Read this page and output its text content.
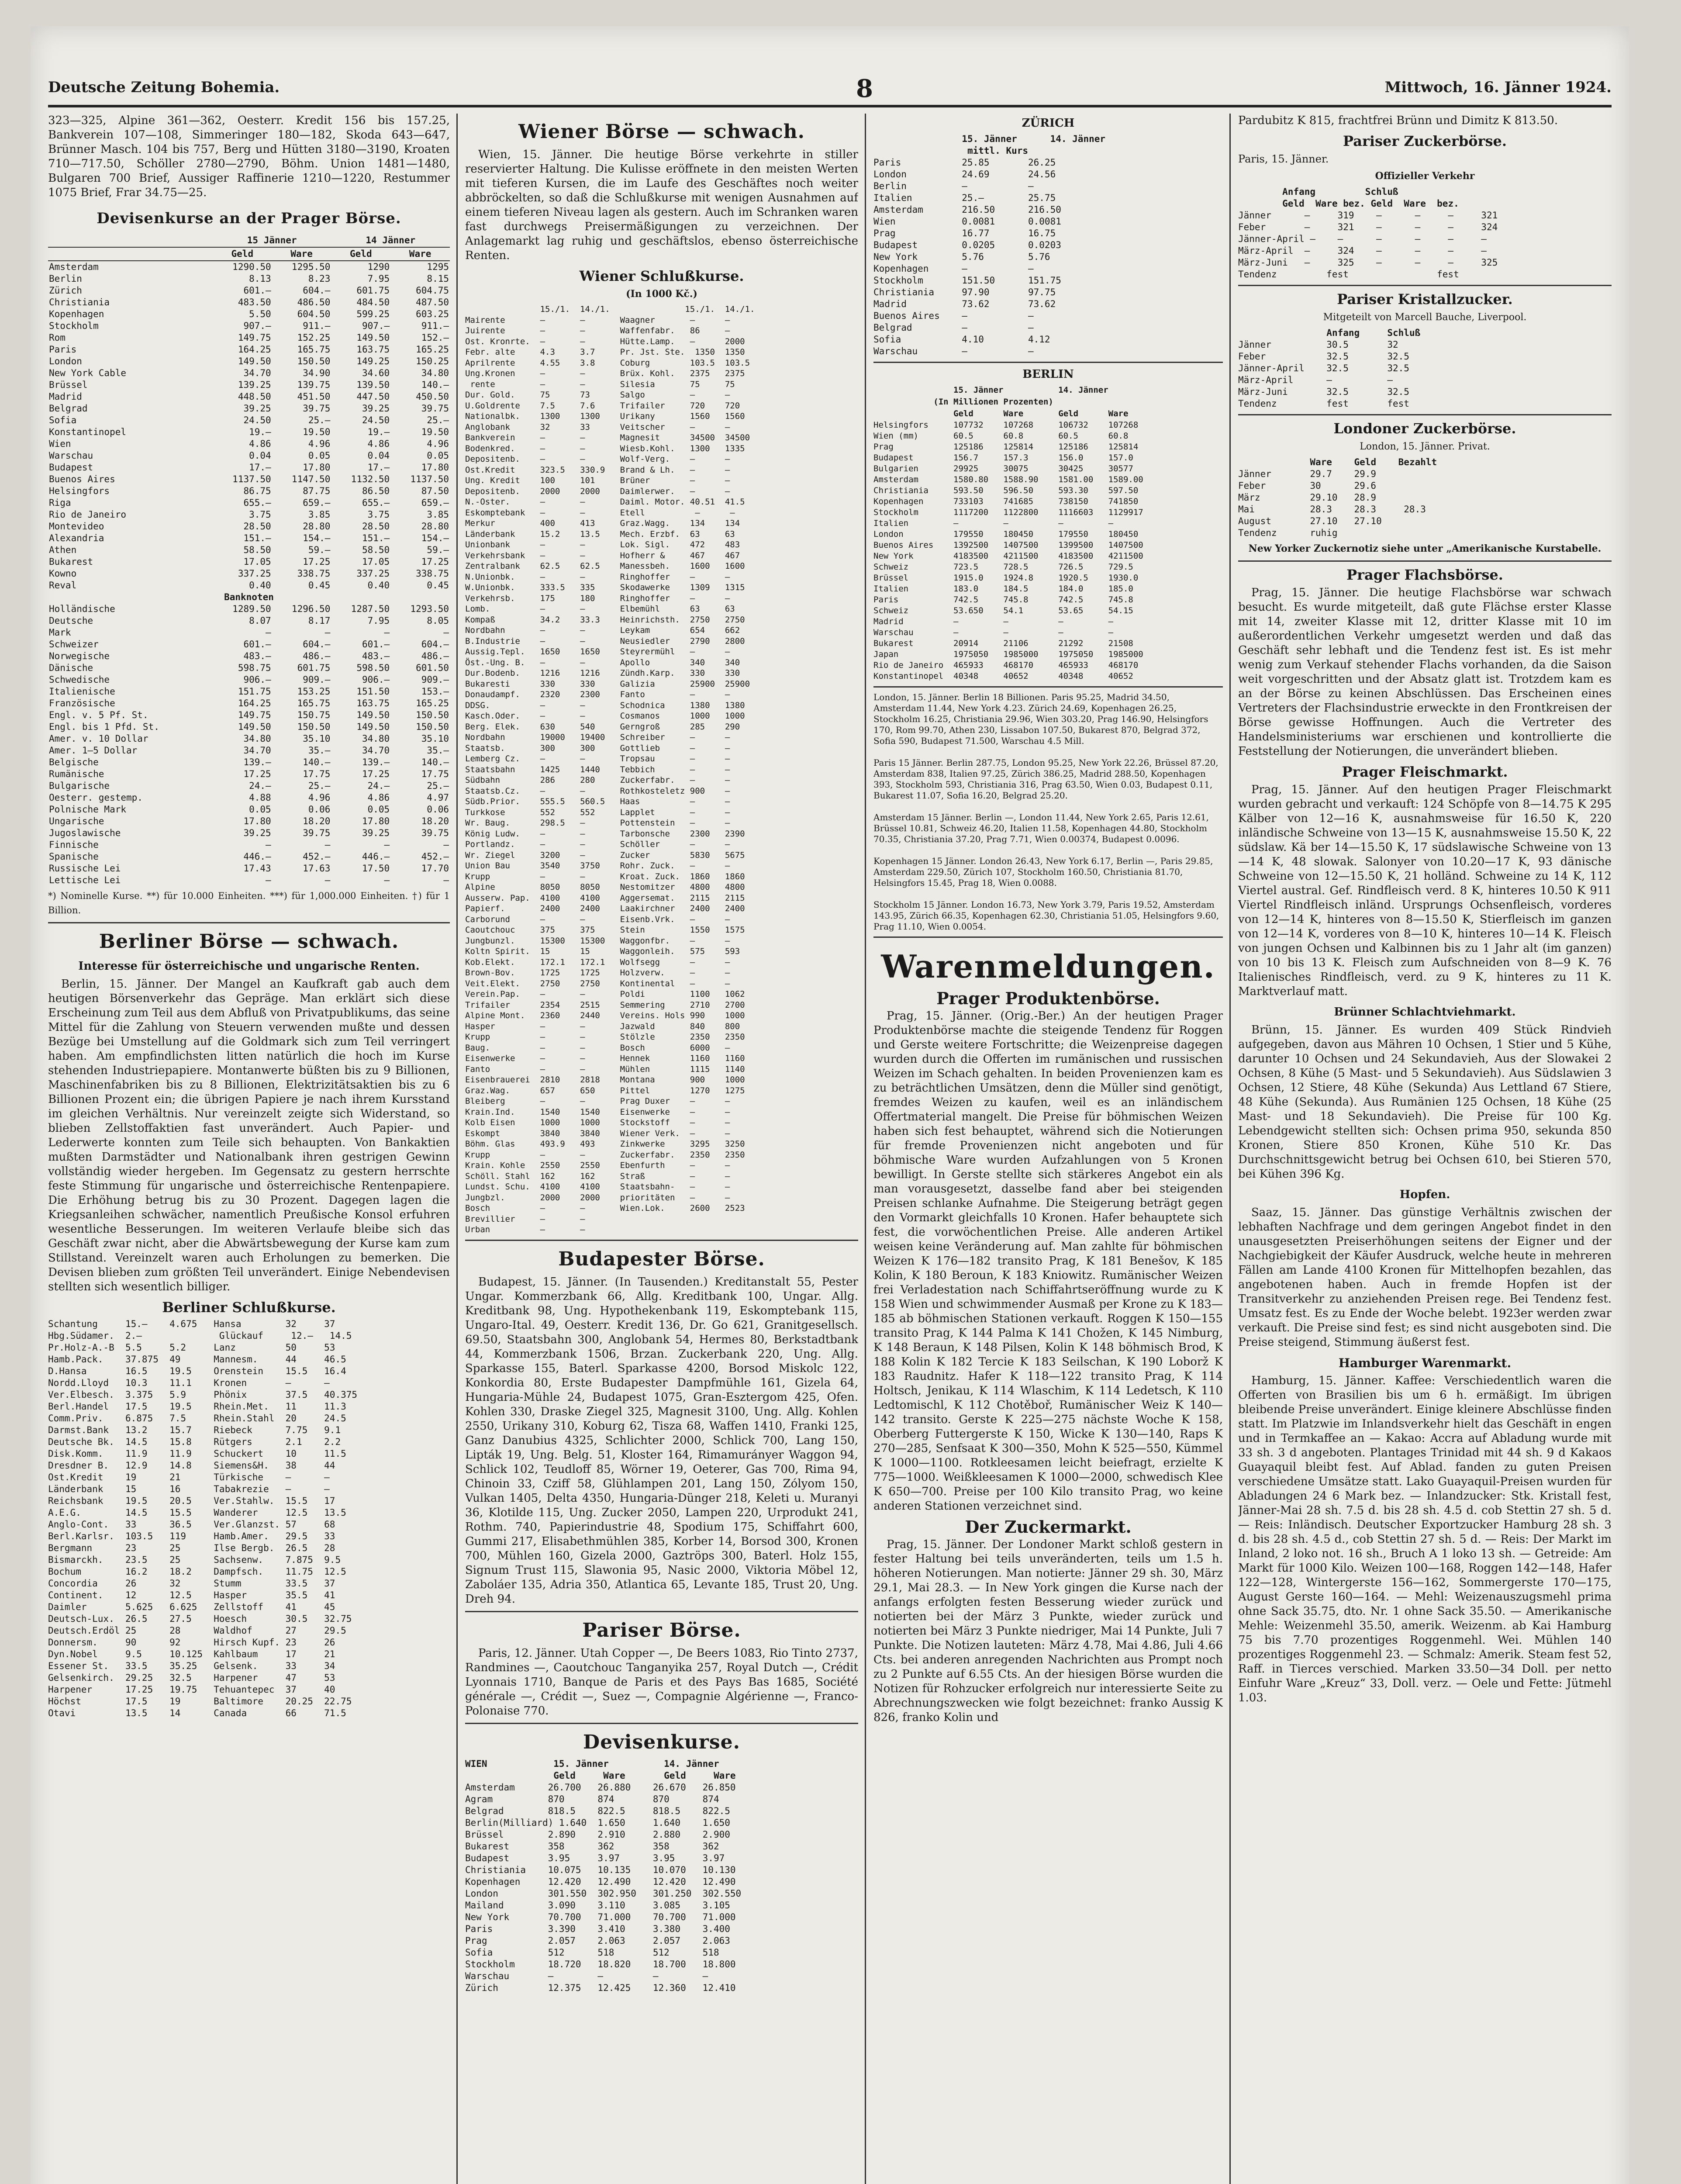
Deutsche Zeitung Bohemia.	8	Mittwoch, 16. Jänner 1924.

323—325, Alpine 361—362, Oesterr. Kredit 156 bis 157.25, Bankverein 107—108, Simmeringer 180—182, Skoda 643—647, Brünner Masch. 104 bis 757, Berg und Hütten 3180—3190, Kroaten 710—717.50, Schöller 2780—2790, Böhm. Union 1481—1480, Bulgaren 700 Brief, Aussiger Raffinerie 1210—1220, Restummer 1075 Brief, Frar 34.75—25.

Devisenkurse an der Prager Börse.
	15 Jänner		14 Jänner	
	Geld	Ware	Geld	Ware
Amsterdam	1290.50	1295.50	1290	1295
Berlin	8.13	8.23	7.95	8.15
Zürich	601.—	604.—	601.75	604.75
Christiania	483.50	486.50	484.50	487.50
Kopenhagen	5.50	604.50	599.25	603.25
Stockholm	907.—	911.—	907.—	911.—
Rom	149.75	152.25	149.50	152.—
Paris	164.25	165.75	163.75	165.25
London	149.50	150.50	149.25	150.25
New York Cable	34.70	34.90	34.60	34.80
Brüssel	139.25	139.75	139.50	140.—
Madrid	448.50	451.50	447.50	450.50
Belgrad	39.25	39.75	39.25	39.75
Sofia	24.50	25.—	24.50	25.—
Konstantinopel	19.—	19.50	19.—	19.50
Wien	4.86	4.96	4.86	4.96
Warschau	0.04	0.05	0.04	0.05
Budapest	17.—	17.80	17.—	17.80
Buenos Aires	1137.50	1147.50	1132.50	1137.50
Helsingfors	86.75	87.75	86.50	87.50
Riga	655.—	659.—	655.—	659.—
Rio de Janeiro	3.75	3.85	3.75	3.85
Montevideo	28.50	28.80	28.50	28.80
Alexandria	151.—	154.—	151.—	154.—
Athen	58.50	59.—	58.50	59.—
Bukarest	17.05	17.25	17.05	17.25
Kowno	337.25	338.75	337.25	338.75
Reval	0.40	0.45	0.40	0.45
Banknoten				
Holländische	1289.50	1296.50	1287.50	1293.50
Deutsche	8.07	8.17	7.95	8.05
Mark	—	—	—	—
Schweizer	601.—	604.—	601.—	604.—
Norwegische	483.—	486.—	483.—	486.—
Dänische	598.75	601.75	598.50	601.50
Schwedische	906.—	909.—	906.—	909.—
Italienische	151.75	153.25	151.50	153.—
Französische	164.25	165.75	163.75	165.25
Engl. v. 5 Pf. St.	149.75	150.75	149.50	150.50
Engl. bis 1 Pfd. St.	149.50	150.50	149.50	150.50
Amer. v. 10 Dollar	34.80	35.10	34.80	35.10
Amer. 1—5 Dollar	34.70	35.—	34.70	35.—
Belgische	139.—	140.—	139.—	140.—
Rumänische	17.25	17.75	17.25	17.75
Bulgarische	24.—	25.—	24.—	25.—
Oesterr. gestemp.	4.88	4.96	4.86	4.97
Polnische Mark	0.05	0.06	0.05	0.06
Ungarische	17.80	18.20	17.80	18.20
Jugoslawische	39.25	39.75	39.25	39.75
Finnische	—	—	—	—
Spanische	446.—	452.—	446.—	452.—
Russische Lei	17.43	17.63	17.50	17.70
Lettische Lei	—	—	—	—
*) Nominelle Kurse. **) für 10.000 Einheiten. ***) für 1,000.000 Einheiten. †) für 1 Billion.
Berliner Börse — schwach.
Interesse für österreichische und ungarische Renten.

Berlin, 15. Jänner. Der Mangel an Kaufkraft gab auch dem heutigen Börsenverkehr das Gepräge. Man erklärt sich diese Erscheinung zum Teil aus dem Abfluß von Privatpublikums, das seine Mittel für die Zahlung von Steuern verwenden mußte und dessen Bezüge bei Umstellung auf die Goldmark sich zum Teil verringert haben. Am empfindlichsten litten natürlich die hoch im Kurse stehenden Industriepapiere. Montanwerte büßten bis zu 9 Billionen, Maschinenfabriken bis zu 8 Billionen, Elektrizitätsaktien bis zu 6 Billionen Prozent ein; die übrigen Papiere je nach ihrem Kursstand im gleichen Verhältnis. Nur vereinzelt zeigte sich Widerstand, so blieben Zellstoffaktien fast unverändert. Auch Papier- und Lederwerte konnten zum Teile sich behaupten. Von Bankaktien mußten Darmstädter und Nationalbank ihren gestrigen Gewinn vollständig wieder hergeben. Im Gegensatz zu gestern herrschte feste Stimmung für ungarische und österreichische Rentenpapiere. Die Erhöhung betrug bis zu 30 Prozent. Dagegen lagen die Kriegsanleihen schwächer, namentlich Preußische Konsol erfuhren wesentliche Besserungen. Im weiteren Verlaufe bleibe sich das Geschäft zwar nicht, aber die Abwärtsbewegung der Kurse kam zum Stillstand. Vereinzelt waren auch Erholungen zu bemerken. Die Devisen blieben zum größten Teil unverändert. Einige Nebendevisen stellten sich wesentlich billiger.

Berliner Schlußkurse.
Schantung     15.—    4.675   Hansa        32     37
Hbg.Südamer.  2.—              Glückauf     12.—   14.5
Pr.Holz-A.-B  5.5     5.2     Lanz         50     53
Hamb.Pack.    37.875  49      Mannesm.     44     46.5
D.Hansa       16.5    19.5    Orenstein    15.5   16.4
Nordd.Lloyd   10.3    11.1    Kronen       —      —
Ver.Elbesch.  3.375   5.9     Phönix       37.5   40.375
Berl.Handel   17.5    19.5    Rhein.Met.   11     11.3
Comm.Priv.    6.875   7.5     Rhein.Stahl  20     24.5
Darmst.Bank   13.2    15.7    Riebeck      7.75   9.1
Deutsche Bk.  14.5    15.8    Rütgers      2.1    2.2
Disk.Komm.    11.9    11.9    Schuckert    10     11.5
Dresdner B.   12.9    14.8    Siemens&H.   38     44
Ost.Kredit    19      21      Türkische    —      —
Länderbank    15      16      Tabakrezie   —      —
Reichsbank    19.5    20.5    Ver.Stahlw.  15.5   17
A.E.G.        14.5    15.5    Wanderer     12.5   13.5
Anglo-Cont.   33      36.5    Ver.Glanzst. 57     68
Berl.Karlsr.  103.5   119     Hamb.Amer.   29.5   33
Bergmann      23      25      Ilse Bergb.  26.5   28
Bismarckh.    23.5    25      Sachsenw.    7.875  9.5
Bochum        16.2    18.2    Dampfsch.    11.75  12.5
Concordia     26      32      Stumm        33.5   37
Continent.    12      12.5    Hasper       35.5   41
Daimler       5.625   6.625   Zellstoff    41     45
Deutsch-Lux.  26.5    27.5    Hoesch       30.5   32.75
Deutsch.Erdöl 25      28      Waldhof      27     29.5
Donnersm.     90      92      Hirsch Kupf. 23     26
Dyn.Nobel     9.5     10.125  Kahlbaum     17     21
Essener St.   33.5    35.25   Gelsenk.     33     34
Gelsenkirch.  29.25   32.5    Harpener     47     53
Harpener      17.25   19.75   Tehuantepec  37     40
Höchst        17.5    19      Baltimore    20.25  22.75
Otavi         13.5    14      Canada       66     71.5
Wiener Börse — schwach.

Wien, 15. Jänner. Die heutige Börse verkehrte in stiller reservierter Haltung. Die Kulisse eröffnete in den meisten Werten mit tieferen Kursen, die im Laufe des Geschäftes noch weiter abbröckelten, so daß die Schlußkurse mit wenigen Ausnahmen auf einem tieferen Niveau lagen als gestern. Auch im Schranken waren fast durchwegs Preisermäßigungen zu verzeichnen. Der Anlagemarkt lag ruhig und geschäftslos, ebenso österreichische Renten.

Wiener Schlußkurse.
(In 1000 Kč.)
15./1.  14./1.               15./1.  14./1.
Mairente       —       —       Waagner       —      —
Juirente       —       —       Waffenfabr.   86     —
Ost. Kronrte.  —       —       Hütte.Lamp.   —      2000
Febr. alte     4.3     3.7     Pr. Jst. Ste.  1350  1350
Aprilrente     4.55    3.8     Coburg        103.5  103.5
Ung.Kronen     —       —       Brüx. Kohl.   2375   2375
rente         —       —       Silesia       75     75
Dur. Gold.     75      73      Salgo         —      —
U.Goldrente    7.5     7.6     Trifailer     720    720
Nationalbk.    1300    1300    Urikany       1560   1560
Anglobank      32      33      Veitscher     —      —
Bankverein     —       —       Magnesit      34500  34500
Bodenkred.     —       —       Wiesb.Kohl.   1300   1335
Depositenb.    —       —       Wolf-Verg.    —      —
Ost.Kredit     323.5   330.9   Brand & Lh.   —      —
Ung. Kredit    100     101     Brüner        —      —
Depositenb.    2000    2000    Daimlerwer.   —      —
N.-Oster.      —       —       Daiml. Motor. 40.51  41.5
Eskomptebank   —       —       Etell          —      —
Merkur         400     413     Graz.Wagg.    134    134
Länderbank     15.2    13.5    Mech. Erzbf.  63     63
Unionbank      —       —       Lok. Sigl.    472    483
Verkehrsbank   —       —       Hofherr &     467    467
Zentralbank    62.5    62.5    Manessbeh.    1600   1600
N.Unionbk.     —       —       Ringhoffer    —      —
W.Unionbk.     333.5   335     Skodawerke    1309   1315
Verkehrsb.     175     180     Ringhoffer    —      —
Lomb.          —       —       Elbemühl      63     63
Kompaß         34.2    33.3    Heinrichsth.  2750   2750
Nordbahn       —       —       Leykam        654    662
B.Industrie    —       —       Neusiedler    2790   2800
Aussig.Tepl.   1650    1650    Steyrermühl   —      —
Öst.-Ung. B.   —       —       Apollo        340    340
Dur.Bodenb.    1216    1216    Zündh.Karp.   330    330
Bukaresti      330     330     Galizia       25900  25900
Donaudampf.    2320    2300    Fanto         —      —
DDSG.          —       —       Schodnica     1380   1380
Kasch.Oder.    —       —       Cosmanos      1000   1000
Berg. Elek.    630     540     Gerngroß      285    290
Nordbahn       19000   19400   Schreiber     —      —
Staatsb.       300     300     Gottlieb      —      —
Lemberg Cz.    —       —       Tropsau       —      —
Staatsbahn     1425    1440    Tebbich       —      —
Südbahn        286     280     Zuckerfabr.   —      —
Staatsb.Cz.    —       —       Rothkosteletz 900    —
Südb.Prior.    555.5   560.5   Haas          —      —
Turkkose       552     552     Lapplet       —      —
Wr. Baug.      298.5   —       Pottenstein   —      —
König Ludw.    —       —       Tarbonsche    2300   2390
Portlandz.     —       —       Schöller      —      —
Wr. Ziegel     3200    —       Zucker        5830   5675
Union Bau      3540    3750    Rohr. Zuck.   —      —
Krupp          —       —       Kroat. Zuck.  1860   1860
Alpine         8050    8050    Nestomitzer   4800   4800
Ausserw. Pap.  4100    4100    Aggersemat.   2115   2115
Papierf.       2400    2400    Laakirchner   2400   2400
Carborund      —       —       Eisenb.Vrk.   —      —
Caoutchouc     375     375     Stein         1550   1575
Jungbunzl.     15300   15300   Waggonfbr.    —      —
Koltn Spirit.  15      15      Waggonleih.   575    593
Kob.Elekt.     172.1   172.1   Wolfsegg      —      —
Brown-Bov.     1725    1725    Holzverw.     —      —
Veit.Elekt.    2750    2750    Kontinental   —      —
Verein.Pap.    —       —       Poldi         1100   1062
Trifailer      2354    2515    Semmering     2710   2700
Alpine Mont.   2360    2440    Vereins. Hols 990    1000
Hasper         —       —       Jazwald       840    800
Krupp          —       —       Stölzle       2350   2350
Baug.          —       —       Bosch         6000   —
Eisenwerke     —       —       Hennek        1160   1160
Fanto          —       —       Mühlen        1115   1140
Eisenbrauerei  2810    2818    Montana       900    1000
Graz.Wag.      657     650     Pittel        1270   1275
Bleiberg       —       —       Prag Duxer    —      —
Krain.Ind.     1540    1540    Eisenwerke    —      —
Kolb Eisen     1000    1000    Stockstoff    —      —
Eskompt        3840    3840    Wiener Verk.  —      —
Böhm. Glas     493.9   493     Zinkwerke     3295   3250
Krupp          —       —       Zuckerfabr.   2350   2350
Krain. Kohle   2550    2550    Ebenfurth     —      —
Schöll. Stahl  162     162     Straß         —      —
Lundst. Schu.  4100    4100    Staatsbahn-   —      —
Jungbzl.       2000    2000    prioritäten   —      —
Bosch          —       —       Wien.Lok.     2600   2523
Brevillier     —       —
Urban          —       —
Budapester Börse.

Budapest, 15. Jänner. (In Tausenden.) Kreditanstalt 55, Pester Ungar. Kommerzbank 66, Allg. Kreditbank 100, Ungar. Allg. Kreditbank 98, Ung. Hypothekenbank 119, Eskomptebank 115, Ungaro-Ital. 49, Oesterr. Kredit 136, Dr. Go 621, Granitgesellsch. 69.50, Staatsbahn 300, Anglobank 54, Hermes 80, Berkstadtbank 44, Kommerzbank 1506, Brzan. Zuckerbank 220, Ung. Allg. Sparkasse 155, Baterl. Sparkasse 4200, Borsod Miskolc 122, Konkordia 80, Erste Budapester Dampfmühle 161, Gizela 64, Hungaria-Mühle 24, Budapest 1075, Gran-Esztergom 425, Ofen. Kohlen 330, Draske Ziegel 325, Magnesit 3100, Ung. Allg. Kohlen 2550, Urikany 310, Koburg 62, Tisza 68, Waffen 1410, Franki 125, Ganz Danubius 4325, Schlichter 2000, Schlick 700, Lang 150, Lipták 19, Ung. Belg. 51, Kloster 164, Rimamurányer Waggon 94, Schlick 102, Teudloff 85, Wörner 19, Oeterer, Gas 700, Rima 94, Chinoin 33, Cziff 58, Glühlampen 201, Lang 150, Zólyom 150, Vulkan 1405, Delta 4350, Hungaria-Dünger 218, Keleti u. Muranyi 36, Klotilde 115, Ung. Zucker 2050, Lampen 220, Urprodukt 241, Rothm. 740, Papierindustrie 48, Spodium 175, Schiffahrt 600, Gummi 217, Elisabethmühlen 385, Korber 14, Borsod 300, Kronen 700, Mühlen 160, Gizela 2000, Gaztröps 300, Baterl. Holz 155, Signum Trust 115, Slawonia 95, Nasic 2000, Viktoria Möbel 12, Zaboláer 135, Adria 350, Atlantica 65, Levante 185, Trust 20, Ung. Dreh 94.

Pariser Börse.

Paris, 12. Jänner. Utah Copper —, De Beers 1083, Rio Tinto 2737, Randmines —, Caoutchouc Tanganyika 257, Royal Dutch —, Crédit Lyonnais 1710, Banque de Paris et des Pays Bas 1685, Société générale —, Crédit —, Suez —, Compagnie Algérienne —, Franco-Polonaise 770.

Devisenkurse.
WIEN            15. Jänner          14. Jänner
Geld     Ware       Geld     Ware
Amsterdam      26.700   26.880    26.670   26.850
Agram          870      874       870      874
Belgrad        818.5    822.5     818.5    822.5
Berlin(Milliard) 1.640  1.650     1.640    1.650
Brüssel        2.890    2.910     2.880    2.900
Bukarest       358      362       358      362
Budapest       3.95     3.97      3.95     3.97
Christiania    10.075   10.135    10.070   10.130
Kopenhagen     12.420   12.490    12.420   12.490
London         301.550  302.950   301.250  302.550
Mailand        3.090    3.110     3.085    3.105
New York       70.700   71.000    70.700   71.000
Paris          3.390    3.410     3.380    3.400
Prag           2.057    2.063     2.057    2.063
Sofia          512      518       512      518
Stockholm      18.720   18.820    18.700   18.800
Warschau       —        —         —        —
Zürich         12.375   12.425    12.360   12.410
ZÜRICH
15. Jänner      14. Jänner
mittl. Kurs
Paris           25.85       26.25
London          24.69       24.56
Berlin          —           —
Italien         25.—        25.75
Amsterdam       216.50      216.50
Wien            0.0081      0.0081
Prag            16.77       16.75
Budapest        0.0205      0.0203
New York        5.76        5.76
Kopenhagen      —           —
Stockholm       151.50      151.75
Christiania     97.90       97.75
Madrid          73.62       73.62
Buenos Aires    —           —
Belgrad         —           —
Sofia           4.10        4.12
Warschau        —           —
BERLIN
15. Jänner           14. Jänner
(In Millionen Prozenten)
Geld      Ware       Geld      Ware
Helsingfors     107732    107268     106732    107268
Wien (mm)       60.5      60.8       60.5      60.8
Prag            125186    125814     125186    125814
Budapest        156.7     157.3      156.0     157.0
Bulgarien       29925     30075      30425     30577
Amsterdam       1580.80   1588.90    1581.00   1589.00
Christiania     593.50    596.50     593.30    597.50
Kopenhagen      733103    741685     738150    741850
Stockholm       1117200   1122800    1116603   1129917
Italien         —         —          —         —
London          179550    180450     179550    180450
Buenos Aires    1392500   1407500    1399500   1407500
New York        4183500   4211500    4183500   4211500
Schweiz         723.5     728.5      726.5     729.5
Brüssel         1915.0    1924.8     1920.5    1930.0
Italien         183.0     184.5      184.0     185.0
Paris           742.5     745.8      742.5     745.8
Schweiz         53.650    54.1       53.65     54.15
Madrid          —         —          —         —
Warschau        —         —          —         —
Bukarest        20914     21106      21292     21508
Japan           1975050   1985000    1975050   1985000
Rio de Janeiro  465933    468170     465933    468170
Konstantinopel  40348     40652      40348     40652
London, 15. Jänner. Berlin 18 Billionen. Paris 95.25, Madrid 34.50, Amsterdam 11.44, New York 4.23. Zürich 24.69, Kopenhagen 26.25, Stockholm 16.25, Christiania 29.96, Wien 303.20, Prag 146.90, Helsingfors 170, Rom 99.70, Athen 230, Lissabon 107.50, Bukarest 870, Belgrad 372, Sofia 590, Budapest 71.500, Warschau 4.5 Mill.

Paris 15 Jänner. Berlin 287.75, London 95.25, New York 22.26, Brüssel 87.20, Amsterdam 838, Italien 97.25, Zürich 386.25, Madrid 288.50, Kopenhagen 393, Stockholm 593, Christiania 316, Prag 63.50, Wien 0.03, Budapest 0.11, Bukarest 11.07, Sofia 16.20, Belgrad 25.20.

Amsterdam 15 Jänner. Berlin —, London 11.44, New York 2.65, Paris 12.61, Brüssel 10.81, Schweiz 46.20, Italien 11.58, Kopenhagen 44.80, Stockholm 70.35, Christiania 37.20, Prag 7.71, Wien 0.00374, Budapest 0.0096.

Kopenhagen 15 Jänner. London 26.43, New York 6.17, Berlin —, Paris 29.85, Amsterdam 229.50, Zürich 107, Stockholm 160.50, Christiania 81.70, Helsingfors 15.45, Prag 18, Wien 0.0088.

Stockholm 15 Jänner. London 16.73, New York 3.79, Paris 19.52, Amsterdam 143.95, Zürich 66.35, Kopenhagen 62.30, Christiania 51.05, Helsingfors 9.60, Prag 11.10, Wien 0.0054.
Warenmeldungen.
Prager Produktenbörse.

Prag, 15. Jänner. (Orig.-Ber.) An der heutigen Prager Produktenbörse machte die steigende Tendenz für Roggen und Gerste weitere Fortschritte; die Weizenpreise dagegen wurden durch die Offerten im rumänischen und russischen Weizen im Schach gehalten. In beiden Provenienzen kam es zu beträchtlichen Umsätzen, denn die Müller sind genötigt, fremdes Weizen zu kaufen, weil es an inländischem Offertmaterial mangelt. Die Preise für böhmischen Weizen haben sich fest behauptet, während sich die Notierungen für fremde Provenienzen nicht angeboten und für böhmische Ware wurden Aufzahlungen von 5 Kronen bewilligt. In Gerste stellte sich stärkeres Angebot ein als man vorausgesetzt, dasselbe fand aber bei steigenden Preisen schlanke Aufnahme. Die Steigerung beträgt gegen den Vormarkt gleichfalls 10 Kronen. Hafer behauptete sich fest, die vorwöchentlichen Preise. Alle anderen Artikel weisen keine Veränderung auf. Man zahlte für böhmischen Weizen K 176—182 transito Prag, K 181 Benešov, K 185 Kolin, K 180 Beroun, K 183 Kniowitz. Rumänischer Weizen frei Verladestation nach Schiffahrtseröffnung wurde zu K 158 Wien und schwimmender Ausmaß per Krone zu K 183—185 ab böhmischen Stationen verkauft. Roggen K 150—155 transito Prag, K 144 Palma K 141 Chožen, K 145 Nimburg, K 148 Beraun, K 148 Pilsen, Kolin K 148 böhmisch Brod, K 188 Kolin K 182 Tercie K 183 Seilschan, K 190 Loborž K 183 Raudnitz. Hafer K 118—122 transito Prag, K 114 Holtsch, Jenikau, K 114 Wlaschim, K 114 Ledetsch, K 110 Ledtomischl, K 112 Chotěboř, Rumänischer Weiz K 140—142 transito. Gerste K 225—275 nächste Woche K 158, Oberberg Futtergerste K 150, Wicke K 130—140, Raps K 270—285, Senfsaat K 300—350, Mohn K 525—550, Kümmel K 1000—1100. Rotkleesamen leicht beiefragt, erzielte K 775—1000. Weißkleesamen K 1000—2000, schwedisch Klee K 650—700. Preise per 100 Kilo transito Prag, wo keine anderen Stationen verzeichnet sind.

Der Zuckermarkt.

Prag, 15. Jänner. Der Londoner Markt schloß gestern in fester Haltung bei teils unveränderten, teils um 1.5 h. höheren Notierungen. Man notierte: Jänner 29 sh. 30, März 29.1, Mai 28.3. — In New York gingen die Kurse nach der anfangs erfolgten festen Besserung wieder zurück und notierten bei der März 3 Punkte, wieder zurück und notierten bei März 3 Punkte niedriger, Mai 14 Punkte, Juli 7 Punkte. Die Notizen lauteten: März 4.78, Mai 4.86, Juli 4.66 Cts. bei anderen anregenden Nachrichten aus Prompt noch zu 2 Punkte auf 6.55 Cts. An der hiesigen Börse wurden die Notizen für Rohzucker erfolgreich nur interessierte Seite zu Abrechnungszwecken wie folgt bezeichnet: franko Aussig K 826, franko Kolin und

Pardubitz K 815, frachtfrei Brünn und Dimitz K 813.50.

Pariser Zuckerbörse.
Paris, 15. Jänner.
Offizieller Verkehr
Anfang         Schluß
Geld  Ware bez. Geld  Ware  bez.
Jänner      —     319    —      —     —     321
Feber       —     321    —      —     —     324
Jänner-April —    —      —      —     —     —
März-April  —     324    —      —     —     —
März-Juni   —     325    —      —     —     325
Tendenz         fest                fest
Pariser Kristallzucker.
Mitgeteilt von Marcell Bauche, Liverpool.
Anfang     Schluß
Jänner          30.5       32
Feber           32.5       32.5
Jänner-April    32.5       32.5
März-April      —          —
März-Juni       32.5       32.5
Tendenz         fest       fest
Londoner Zuckerbörse.
London, 15. Jänner. Privat.
Ware    Geld    Bezahlt
Jänner       29.7    29.9
Feber        30      29.6
März         29.10   28.9
Mai          28.3    28.3     28.3
August       27.10   27.10
Tendenz      ruhig
New Yorker Zuckernotiz siehe unter „Amerikanische Kurstabelle.
Prager Flachsbörse.

Prag, 15. Jänner. Die heutige Flachsbörse war schwach besucht. Es wurde mitgeteilt, daß gute Flächse erster Klasse mit 14, zweiter Klasse mit 12, dritter Klasse mit 10 im außerordentlichen Verkehr umgesetzt werden und daß das Geschäft sehr lebhaft und die Tendenz fest ist. Es ist mehr wenig zum Verkauf stehender Flachs vorhanden, da die Saison weit vorgeschritten und der Absatz glatt ist. Trotzdem kam es an der Börse zu keinen Abschlüssen. Das Erscheinen eines Vertreters der Flachsindustrie erweckte in den Frontkreisen der Börse gewisse Hoffnungen. Auch die Vertreter des Handelsministeriums war erschienen und kontrollierte die Feststellung der Notierungen, die unverändert blieben.

Prager Fleischmarkt.

Prag, 15. Jänner. Auf den heutigen Prager Fleischmarkt wurden gebracht und verkauft: 124 Schöpfe von 8—14.75 K 295 Kälber von 12—16 K, ausnahmsweise für 16.50 K, 220 inländische Schweine von 13—15 K, ausnahmsweise 15.50 K, 22 südslaw. Kä ber 14—15.50 K, 17 südslawische Schweine von 13—14 K, 48 slowak. Salonyer von 10.20—17 K, 93 dänische Schweine von 12—15.50 K, 21 holländ. Schweine zu 14 K, 112 Viertel austral. Gef. Rindfleisch verd. 8 K, hinteres 10.50 K 911 Viertel Rindfleisch inländ. Ursprungs Ochsenfleisch, vorderes von 12—14 K, hinteres von 8—15.50 K, Stierfleisch im ganzen von 12—14 K, vorderes von 8—10 K, hinteres 10—14 K. Fleisch von jungen Ochsen und Kalbinnen bis zu 1 Jahr alt (im ganzen) von 10 bis 13 K. Fleisch zum Aufschneiden von 8—9 K. 76 Italienisches Rindfleisch, verd. zu 9 K, hinteres zu 11 K. Marktverlauf matt.

Brünner Schlachtviehmarkt.

Brünn, 15. Jänner. Es wurden 409 Stück Rindvieh aufgegeben, davon aus Mähren 10 Ochsen, 1 Stier und 5 Kühe, darunter 10 Ochsen und 24 Sekundavieh, Aus der Slowakei 2 Ochsen, 8 Kühe (5 Mast- und 5 Sekundavieh). Aus Südslawien 3 Ochsen, 12 Stiere, 48 Kühe (Sekunda) Aus Lettland 67 Stiere, 48 Kühe (Sekunda). Aus Rumänien 125 Ochsen, 18 Kühe (25 Mast- und 18 Sekundavieh). Die Preise für 100 Kg. Lebendgewicht stellten sich: Ochsen prima 950, sekunda 850 Kronen, Stiere 850 Kronen, Kühe 510 Kr. Das Durchschnittsgewicht betrug bei Ochsen 610, bei Stieren 570, bei Kühen 396 Kg.

Hopfen.

Saaz, 15. Jänner. Das günstige Verhältnis zwischen der lebhaften Nachfrage und dem geringen Angebot findet in den unausgesetzten Preiserhöhungen seitens der Eigner und der Nachgiebigkeit der Käufer Ausdruck, welche heute in mehreren Fällen am Lande 4100 Kronen für Mittelhopfen bezahlen, das angebotenen haben. Auch in fremde Hopfen ist der Transitverkehr zu anziehenden Preisen rege. Bei Tendenz fest. Umsatz fest. Es zu Ende der Woche belebt. 1923er werden zwar verkauft. Die Preise sind fest; es sind nicht ausgeboten sind. Die Preise steigend, Stimmung äußerst fest.

Hamburger Warenmarkt.

Hamburg, 15. Jänner. Kaffee: Verschiedentlich waren die Offerten von Brasilien bis um 6 h. ermäßigt. Im übrigen bleibende Preise unverändert. Einige kleinere Abschlüsse finden statt. Im Platzwie im Inlandsverkehr hielt das Geschäft in engen und in Termkaffee an — Kakao: Accra auf Abladung wurde mit 33 sh. 3 d angeboten. Plantages Trinidad mit 44 sh. 9 d Kakaos Guayaquil bleibt fest. Auf Ablad. fanden zu guten Preisen verschiedene Umsätze statt. Lako Guayaquil-Preisen wurden für Abladungen 24 6 Mark bez. — Inlandzucker: Stk. Kristall fest, Jänner-Mai 28 sh. 7.5 d. bis 28 sh. 4.5 d. cob Stettin 27 sh. 5 d. — Reis: Inländisch. Deutscher Exportzucker Hamburg 28 sh. 3 d. bis 28 sh. 4.5 d., cob Stettin 27 sh. 5 d. — Reis: Der Markt im Inland, 2 loko not. 16 sh., Bruch A 1 loko 13 sh. — Getreide: Am Markt für 1000 Kilo. Weizen 100—168, Roggen 142—148, Hafer 122—128, Wintergerste 156—162, Sommergerste 170—175, August Gerste 160—164. — Mehl: Weizenauszugsmehl prima ohne Sack 35.75, dto. Nr. 1 ohne Sack 35.50. — Amerikanische Mehle: Weizenmehl 35.50, amerik. Weizenm. ab Kai Hamburg 75 bis 7.70 prozentiges Roggenmehl. Wei. Mühlen 140 prozentiges Roggenmehl 23. — Schmalz: Amerik. Steam fest 52, Raff. in Tierces verschied. Marken 33.50—34 Doll. per netto Einfuhr Ware „Kreuz“ 33, Doll. verz. — Oele und Fette: Jütmehl 1.03.
